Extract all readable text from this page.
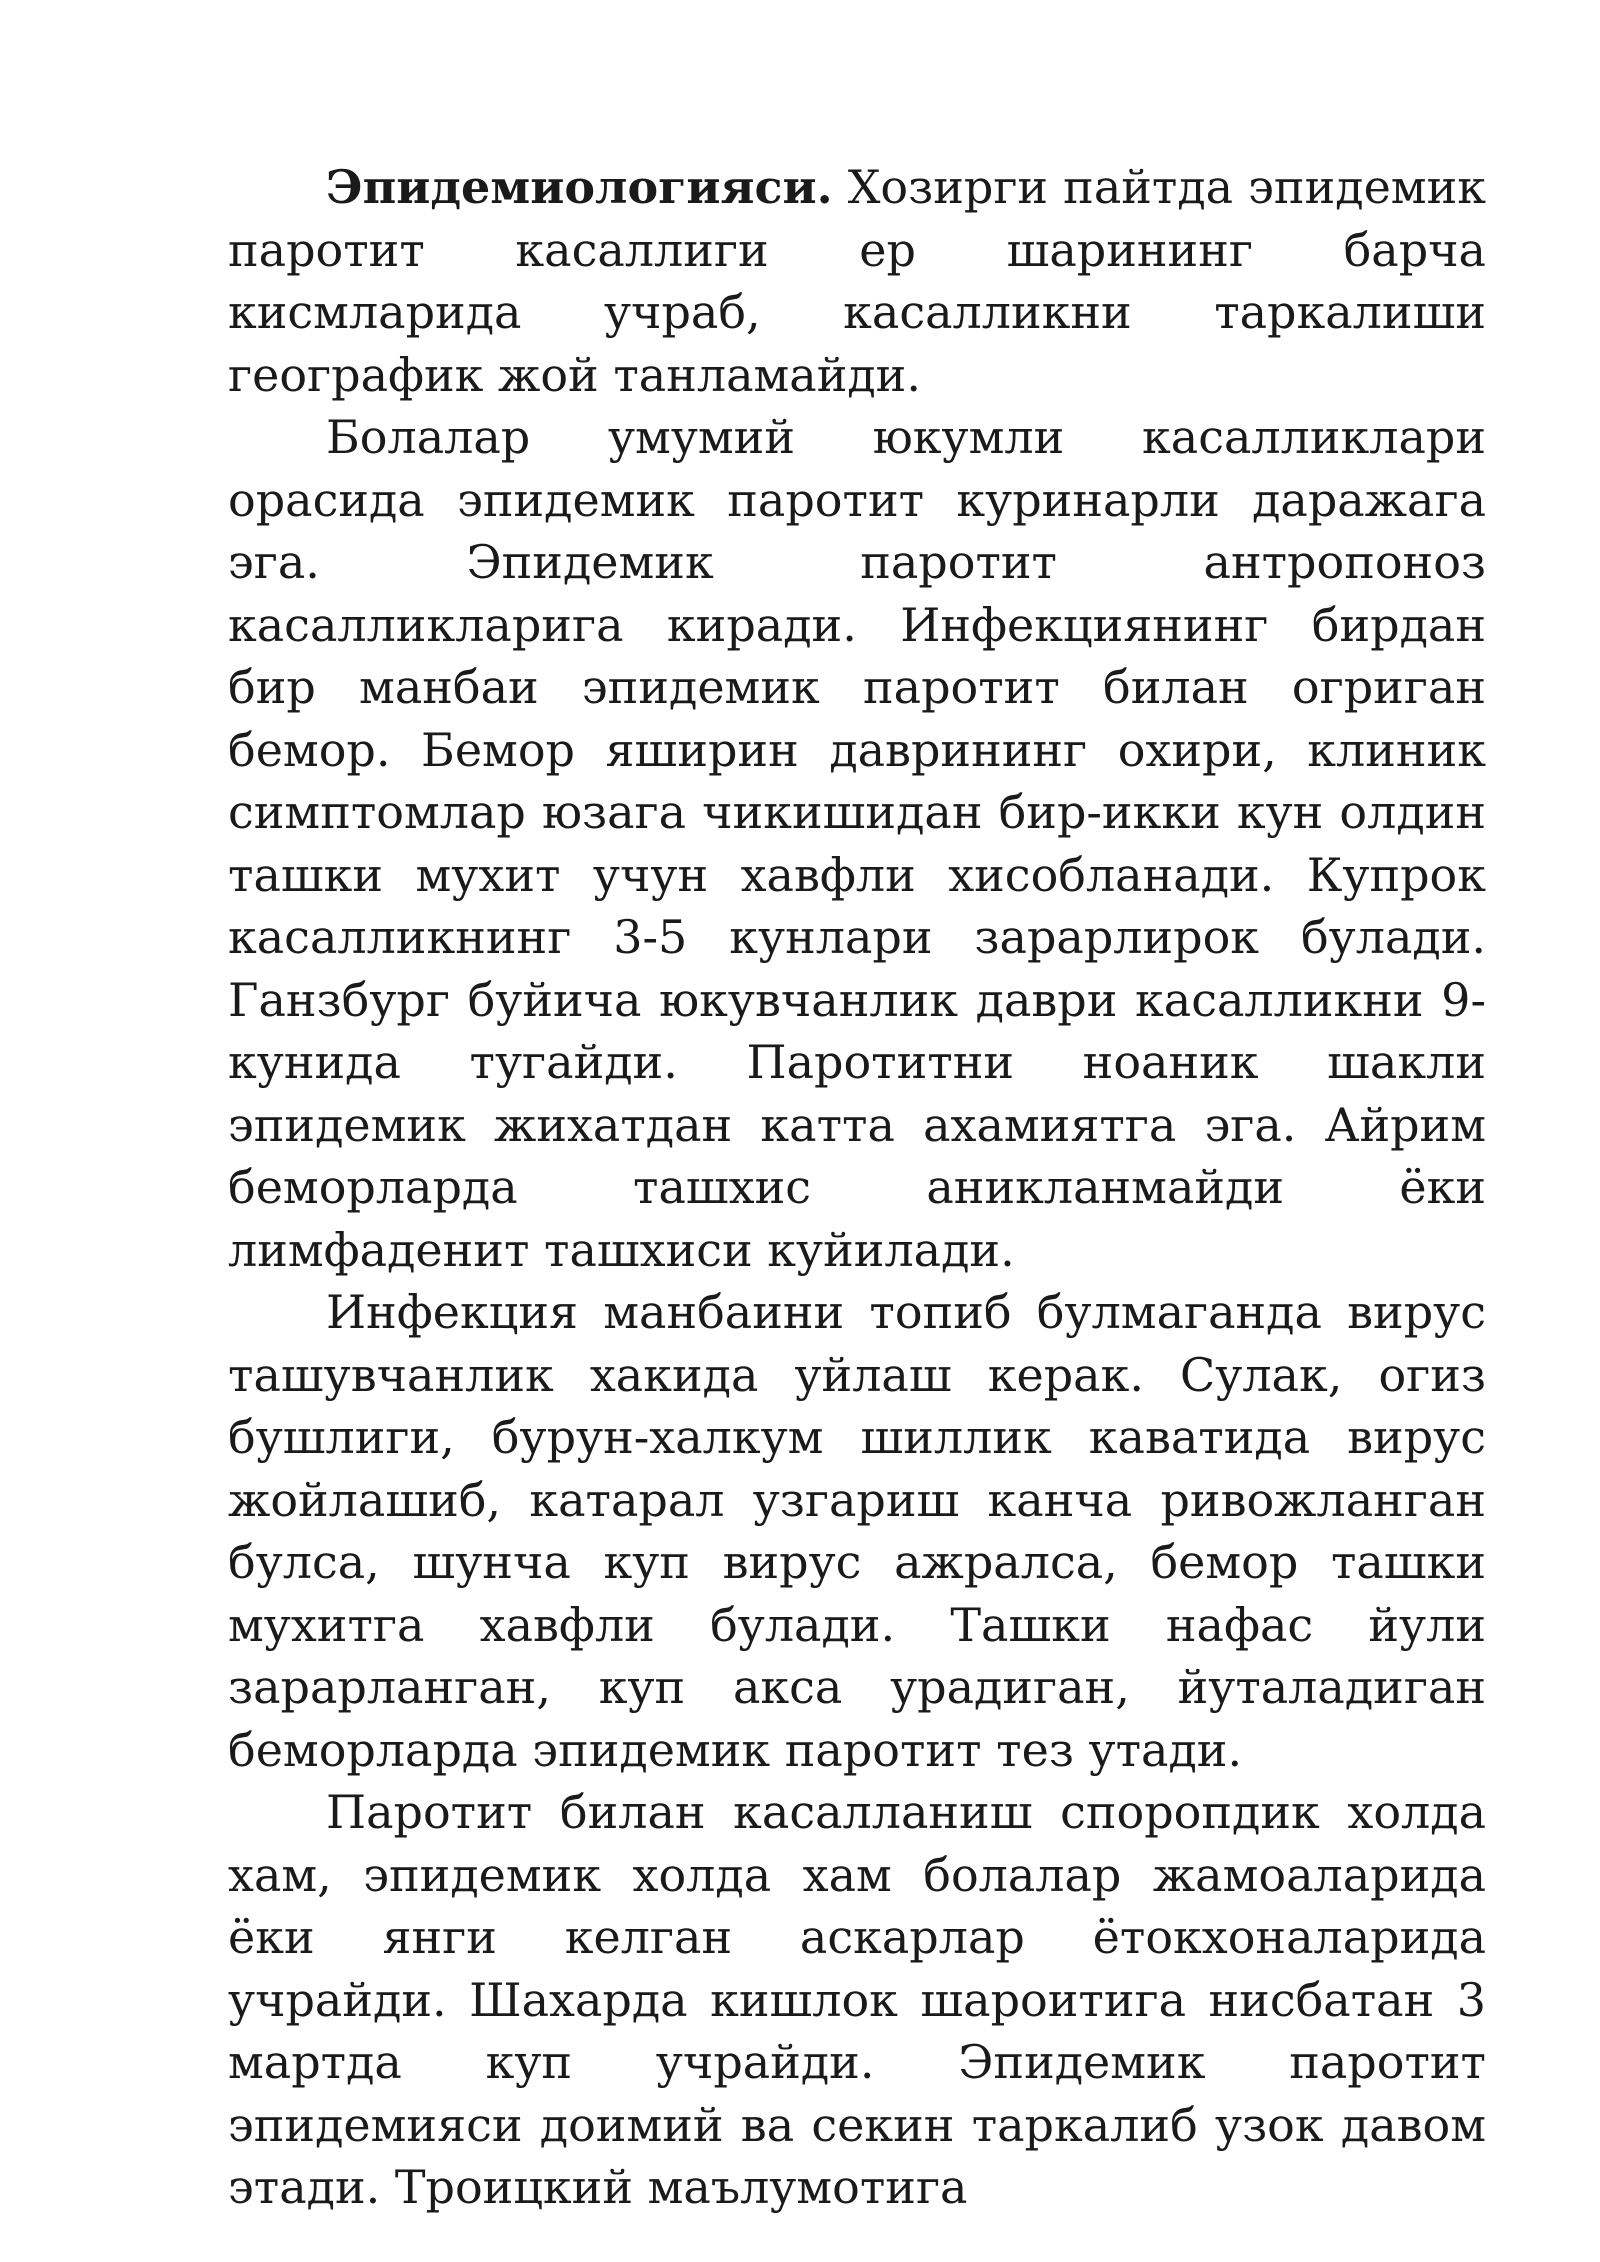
Эпидемиологияси. Хозирги пайтда эпидемик паротит касаллиги ер шарининг барча кисмларида учраб, касалликни таркалиши географик жой танламайди.

Болалар умумий юкумли касалликлари орасида эпидемик паротит куринарли даражага эга. Эпидемик паротит антропоноз касалликларига киради. Инфекциянинг бирдан бир манбаи эпидемик паротит билан огриган бемор. Бемор яширин даврининг охири, клиник симптомлар юзага чикишидан бир-икки кун олдин ташки мухит учун хавфли хисобланади. Купрок касалликнинг 3-5 кунлари зарарлирок булади. Ганзбург буйича юкувчанлик даври касалликни 9-кунида тугайди. Паротитни ноаник шакли эпидемик жихатдан катта ахамиятга эга. Айрим беморларда ташхис аникланмайди ёки лимфаденит ташхиси куйилади.

Инфекция манбаини топиб булмаганда вирус ташувчанлик хакида уйлаш керак. Сулак, огиз бушлиги, бурун-халкум шиллик каватида вирус жойлашиб, катарал узгариш канча ривожланган булса, шунча куп вирус ажралса, бемор ташки мухитга хавфли булади. Ташки нафас йули зарарланган, куп акса урадиган, йуталадиган беморларда эпидемик паротит тез утади.

Паротит билан касалланиш споропдик холда хам, эпидемик холда хам болалар жамоаларида ёки янги келган аскарлар ётокхоналарида учрайди. Шахарда кишлок шароитига нисбатан 3 мартда куп учрайди. Эпидемик паротит эпидемияси доимий ва секин таркалиб узок давом этади. Троицкий маълумотига
